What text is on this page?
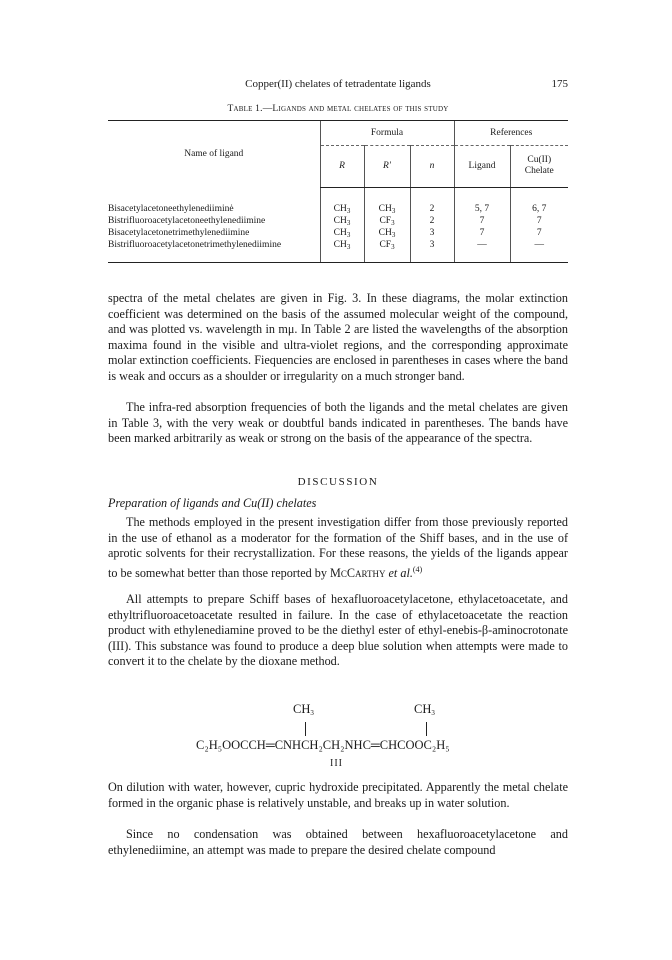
Copper(II) chelates of tetradentate ligands	175
Table 1.—Ligands and metal chelates of this study
Name of ligand	Formula			References	
	R	R′	n	Ligand	Cu(II)
Chelate

Bisacetylacetoneethylenediiminė	$CH_3$	$CH_3$	2	5, 7	6, 7
Bistrifluoroacetylacetoneethylenediimine	$CH_3$	$CF_3$	2	7	7
Bisacetylacetonetrimethylenediimine	$CH_3$	$CH_3$	3	7	7
Bistrifluoroacetylacetonetrimethylenediimine	$CH_3$	$CF_3$	3	—	—

spectra of the metal chelates are given in Fig. 3. In these diagrams, the molar extinction coefficient was determined on the basis of the assumed molecular weight of the compound, and was plotted vs. wavelength in mμ. In Table 2 are listed the wavelengths of the absorption maxima found in the visible and ultra-violet regions, and the corresponding approximate molar extinction coefficients. Fiequencies are enclosed in parentheses in cases where the band is weak and occurs as a shoulder or irregularity on a much stronger band.

The infra-red absorption frequencies of both the ligands and the metal chelates are given in Table 3, with the very weak or doubtful bands indicated in parentheses. The bands have been marked arbitrarily as weak or strong on the basis of the appearance of the spectra.

DISCUSSION
Preparation of ligands and Cu(II) chelates

The methods employed in the present investigation differ from those previously reported in the use of ethanol as a moderator for the formation of the Shiff bases, and in the use of aprotic solvents for their recrystallization. For these reasons, the yields of the ligands appear to be somewhat better than those reported by McCarthy et al.$^{(4)}$

All attempts to prepare Schiff bases of hexafluoroacetylacetone, ethylacetoacetate, and ethyltrifluoroacetoacetate resulted in failure. In the case of ethylacetoacetate the reaction product with ethylenediamine proved to be the diethyl ester of ethyl-enebis-β-aminocrotonate (III). This substance was found to produce a deep blue solution when attempts were made to convert it to the chelate by the dioxane method.

$CH_3$	$CH_3$
C₂H₅OOCCH═CNHCH₂CH₂NHC═CHCOOC₂H₅
III

On dilution with water, however, cupric hydroxide precipitated. Apparently the metal chelate formed in the organic phase is relatively unstable, and breaks up in water solution.

Since no condensation was obtained between hexafluoroacetylacetone and ethylenediimine, an attempt was made to prepare the desired chelate compound
